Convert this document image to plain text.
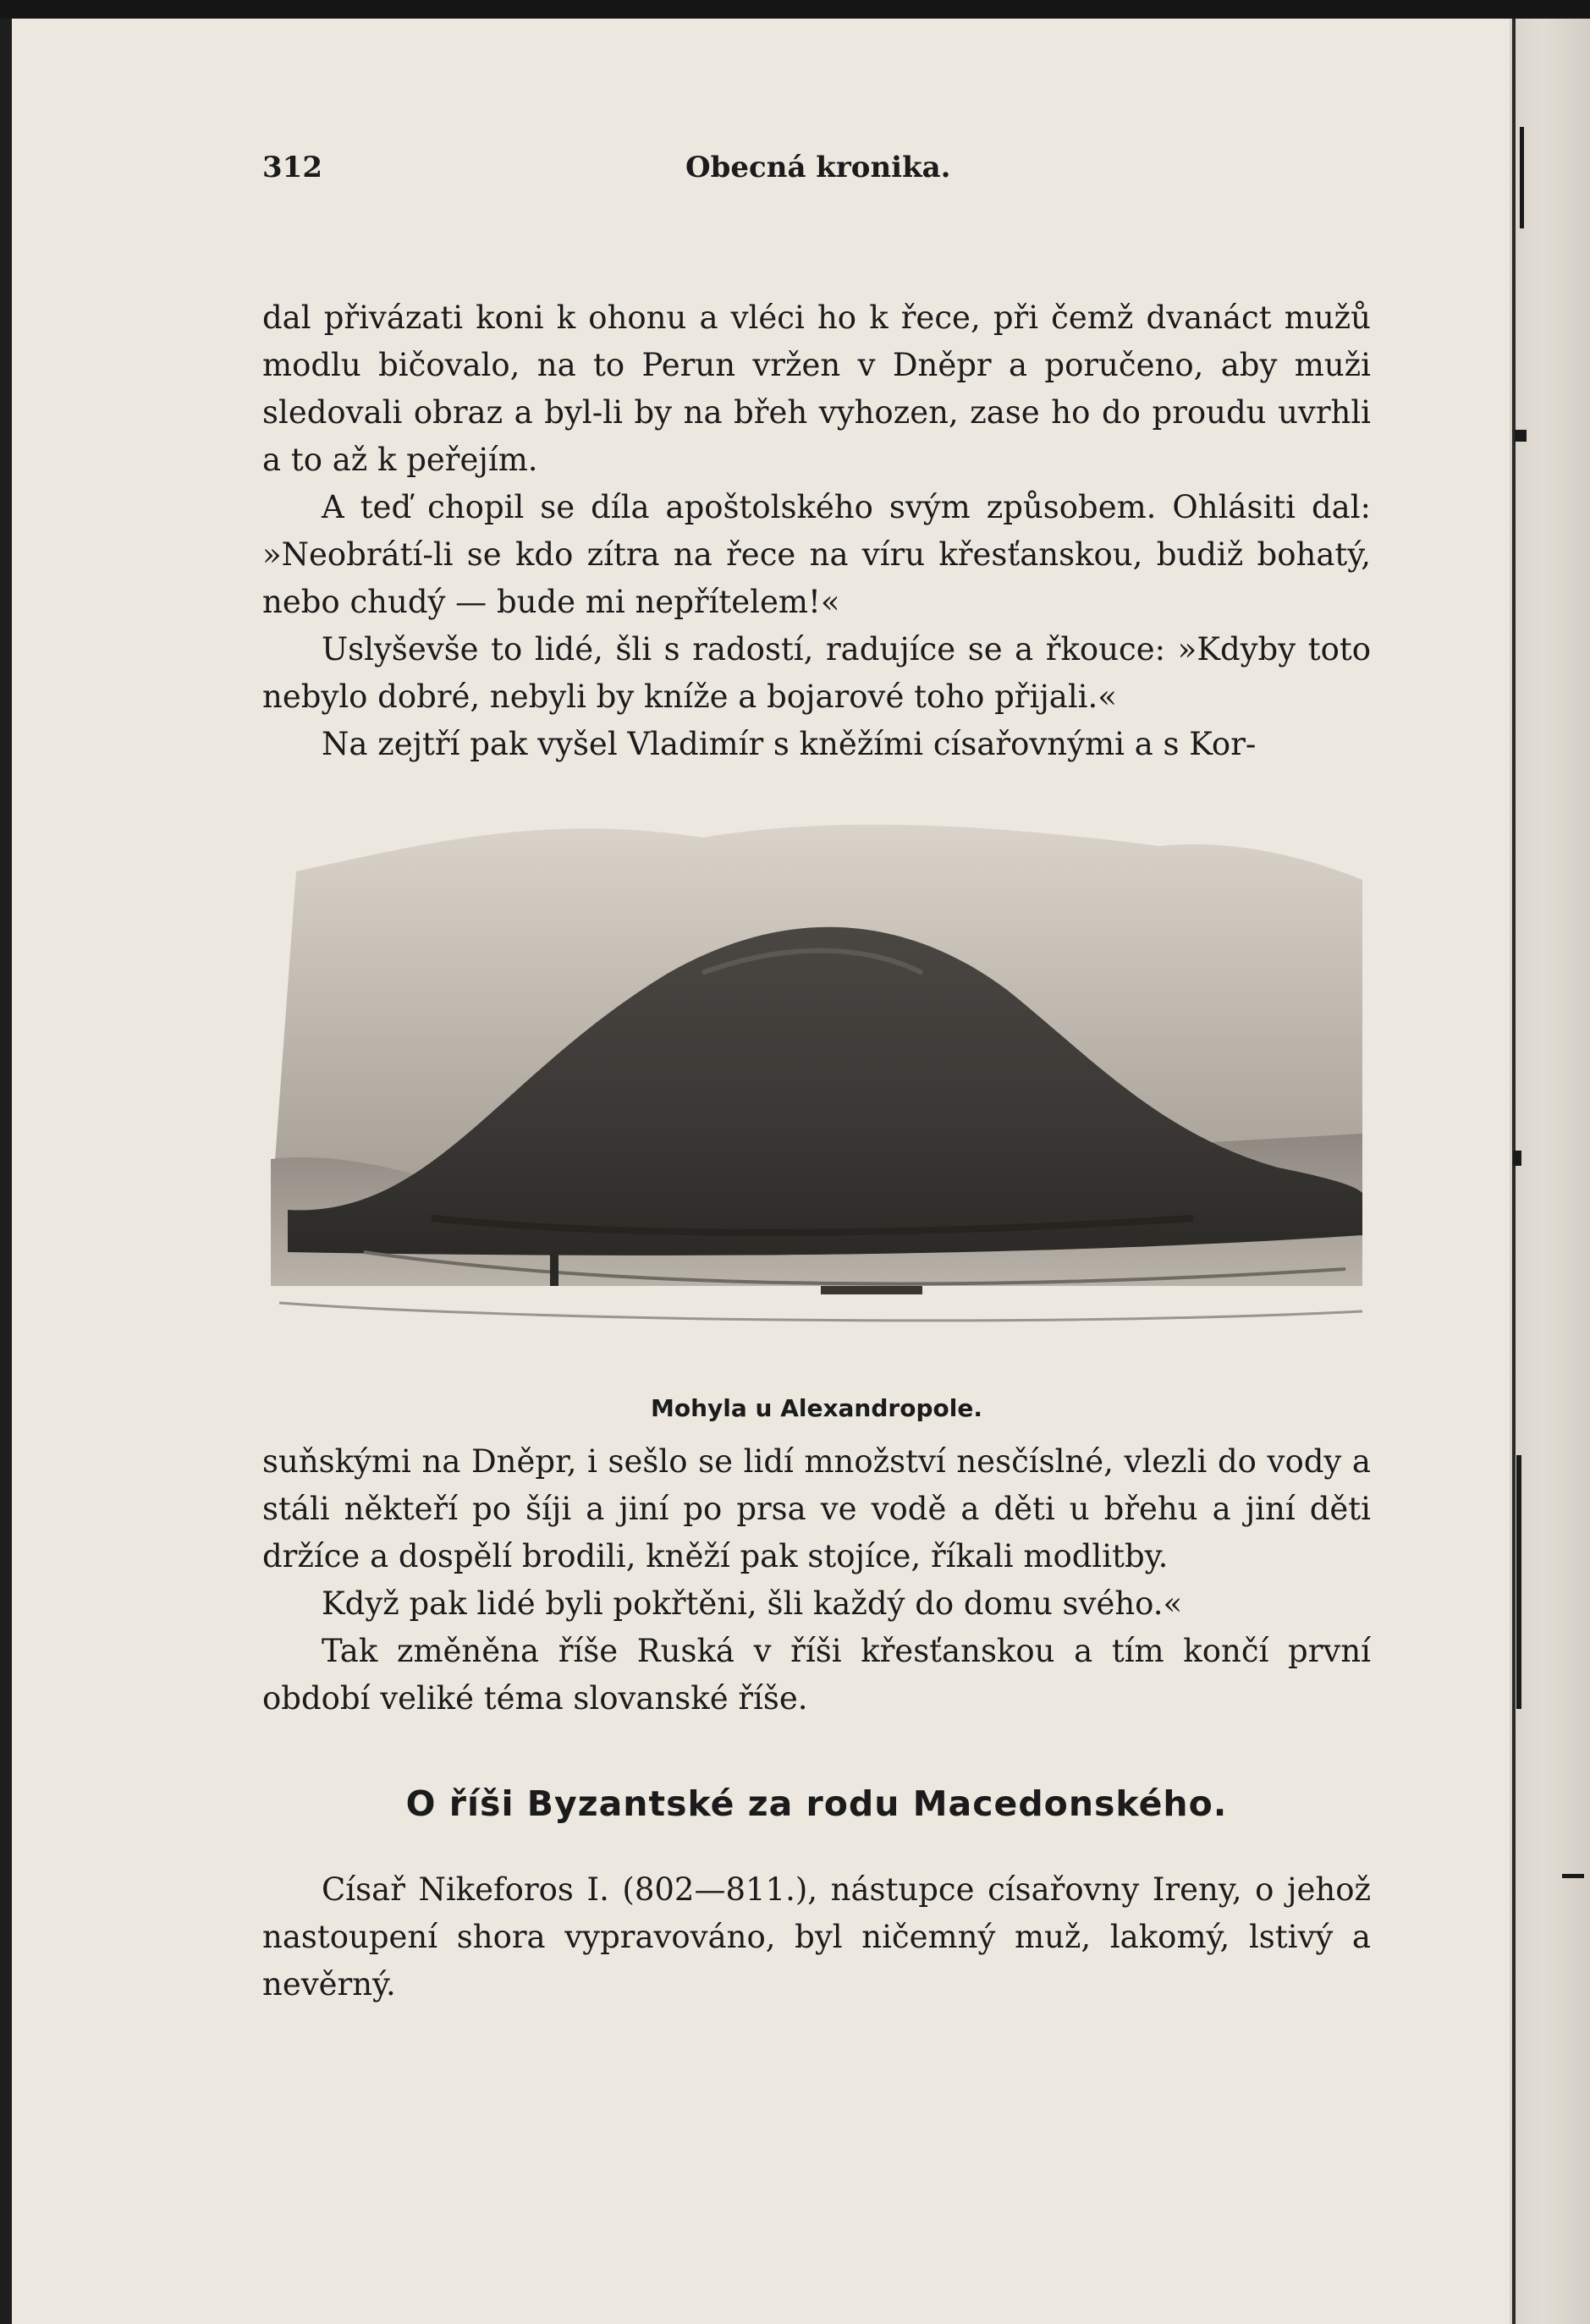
312	Obecná kronika.

dal přivázati koni k ohonu a vléci ho k řece, při čemž dvanáct mužů modlu bičovalo, na to Perun vržen v Dněpr a poručeno, aby muži sledovali obraz a byl-li by na břeh vyhozen, zase ho do proudu uvrhli a to až k peřejím.

A teď chopil se díla apoštolského svým způsobem. Ohlásiti dal: »Neobrátí-li se kdo zítra na řece na víru křesťanskou, budiž bohatý, nebo chudý — bude mi nepřítelem!«

Uslyševše to lidé, šli s radostí, radujíce se a řkouce: »Kdyby toto nebylo dobré, nebyli by kníže a bojarové toho přijali.«

Na zejtří pak vyšel Vladimír s kněžími císařovnými a s Kor-

Mohyla u Alexandropole.

suňskými na Dněpr, i sešlo se lidí množství nesčíslné, vlezli do vody a stáli někteří po šíji a jiní po prsa ve vodě a děti u břehu a jiní děti držíce a dospělí brodili, kněží pak stojíce, říkali modlitby.

Když pak lidé byli pokřtěni, šli každý do domu svého.«

Tak změněna říše Ruská v říši křesťanskou a tím končí první období veliké téma slovanské říše.

O říši Byzantské za rodu Macedonského.

Císař Nikeforos I. (802—811.), nástupce císařovny Ireny, o jehož nastoupení shora vypravováno, byl ničemný muž, lakomý, lstivý a nevěrný.
